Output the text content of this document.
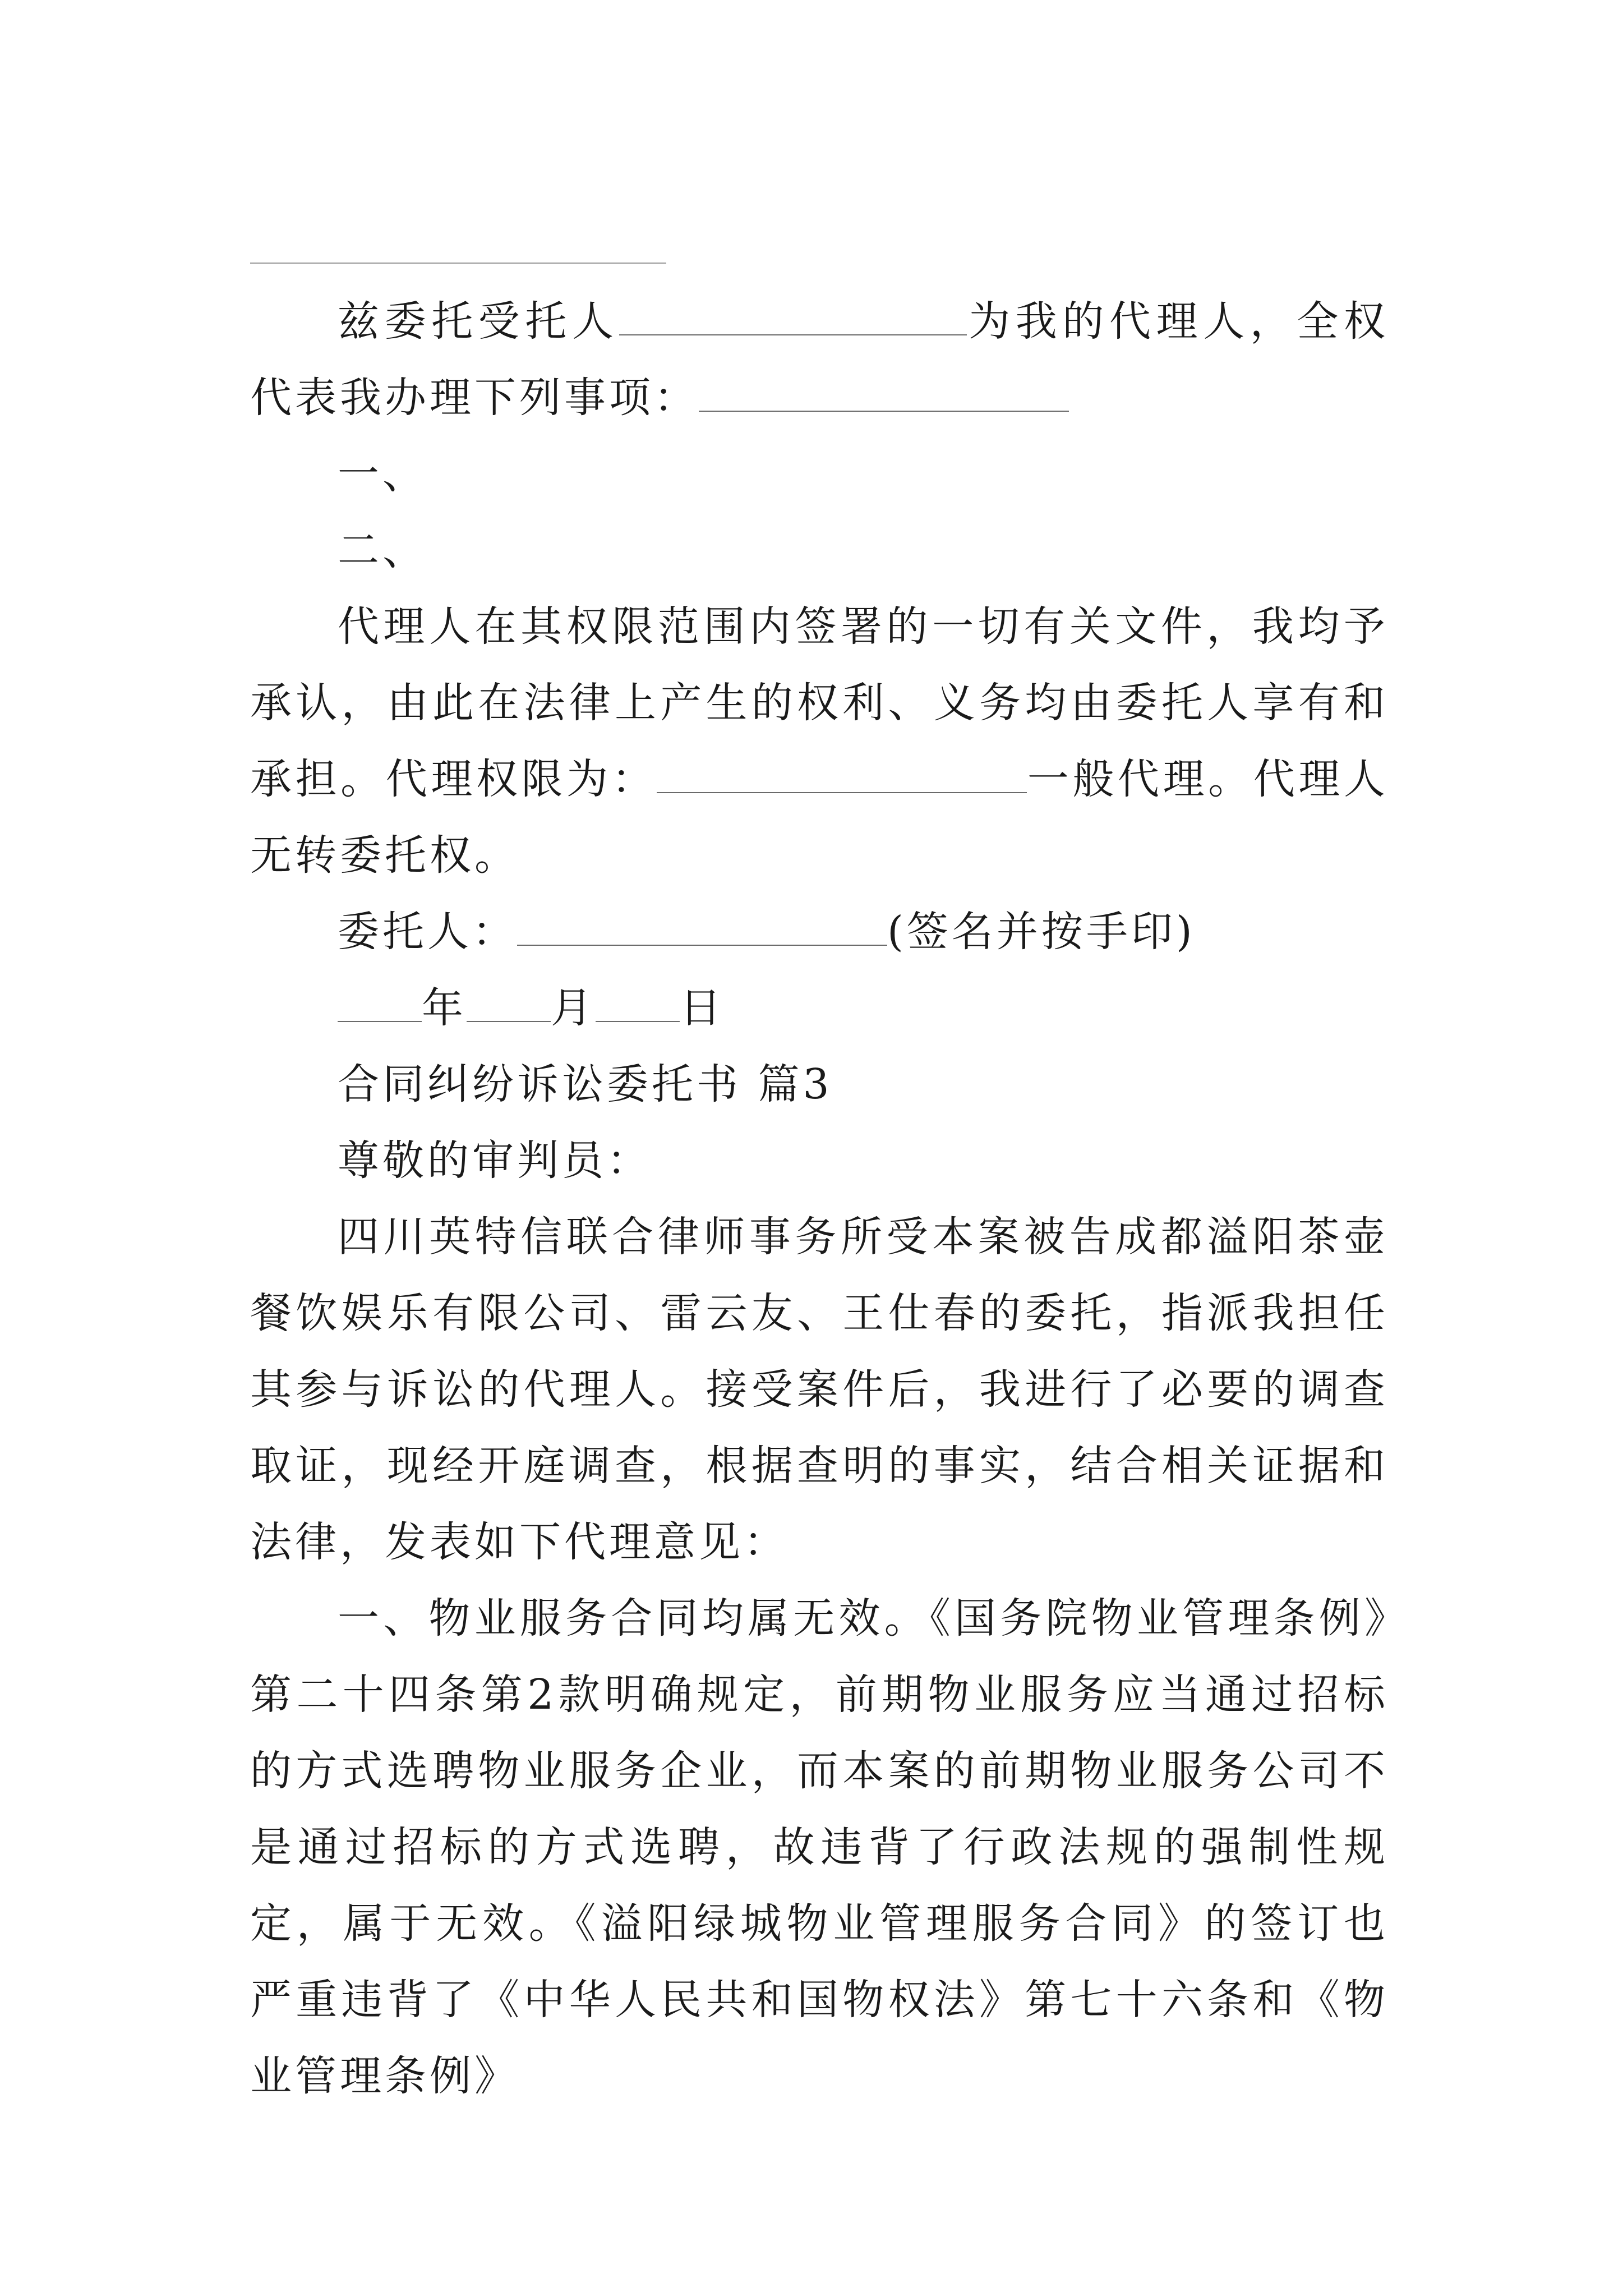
兹委托受托人	为我的代理人，全权代表我办理下列事项：

一、

二、

代理人在其权限范围内签署的一切有关文件，我均予承认，由此在法律上产生的权利、义务均由委托人享有和承担。代理权限为：	一般代理。代理人无转委托权。

委托人：	(签名并按手印)

年 月 日

合同纠纷诉讼委托书 篇3

尊敬的审判员：

四川英特信联合律师事务所受本案被告成都溢阳茶壶餐饮娱乐有限公司、雷云友、王仕春的委托，指派我担任其参与诉讼的代理人。接受案件后，我进行了必要的调查取证，现经开庭调查，根据查明的事实，结合相关证据和法律，发表如下代理意见：

一、物业服务合同均属无效。《国务院物业管理条例》第二十四条第2款明确规定，前期物业服务应当通过招标的方式选聘物业服务企业，而本案的前期物业服务公司不是通过招标的方式选聘，故违背了行政法规的强制性规定，属于无效。《溢阳绿城物业管理服务合同》的签订也严重违背了《中华人民共和国物权法》第七十六条和《物业管理条例》
